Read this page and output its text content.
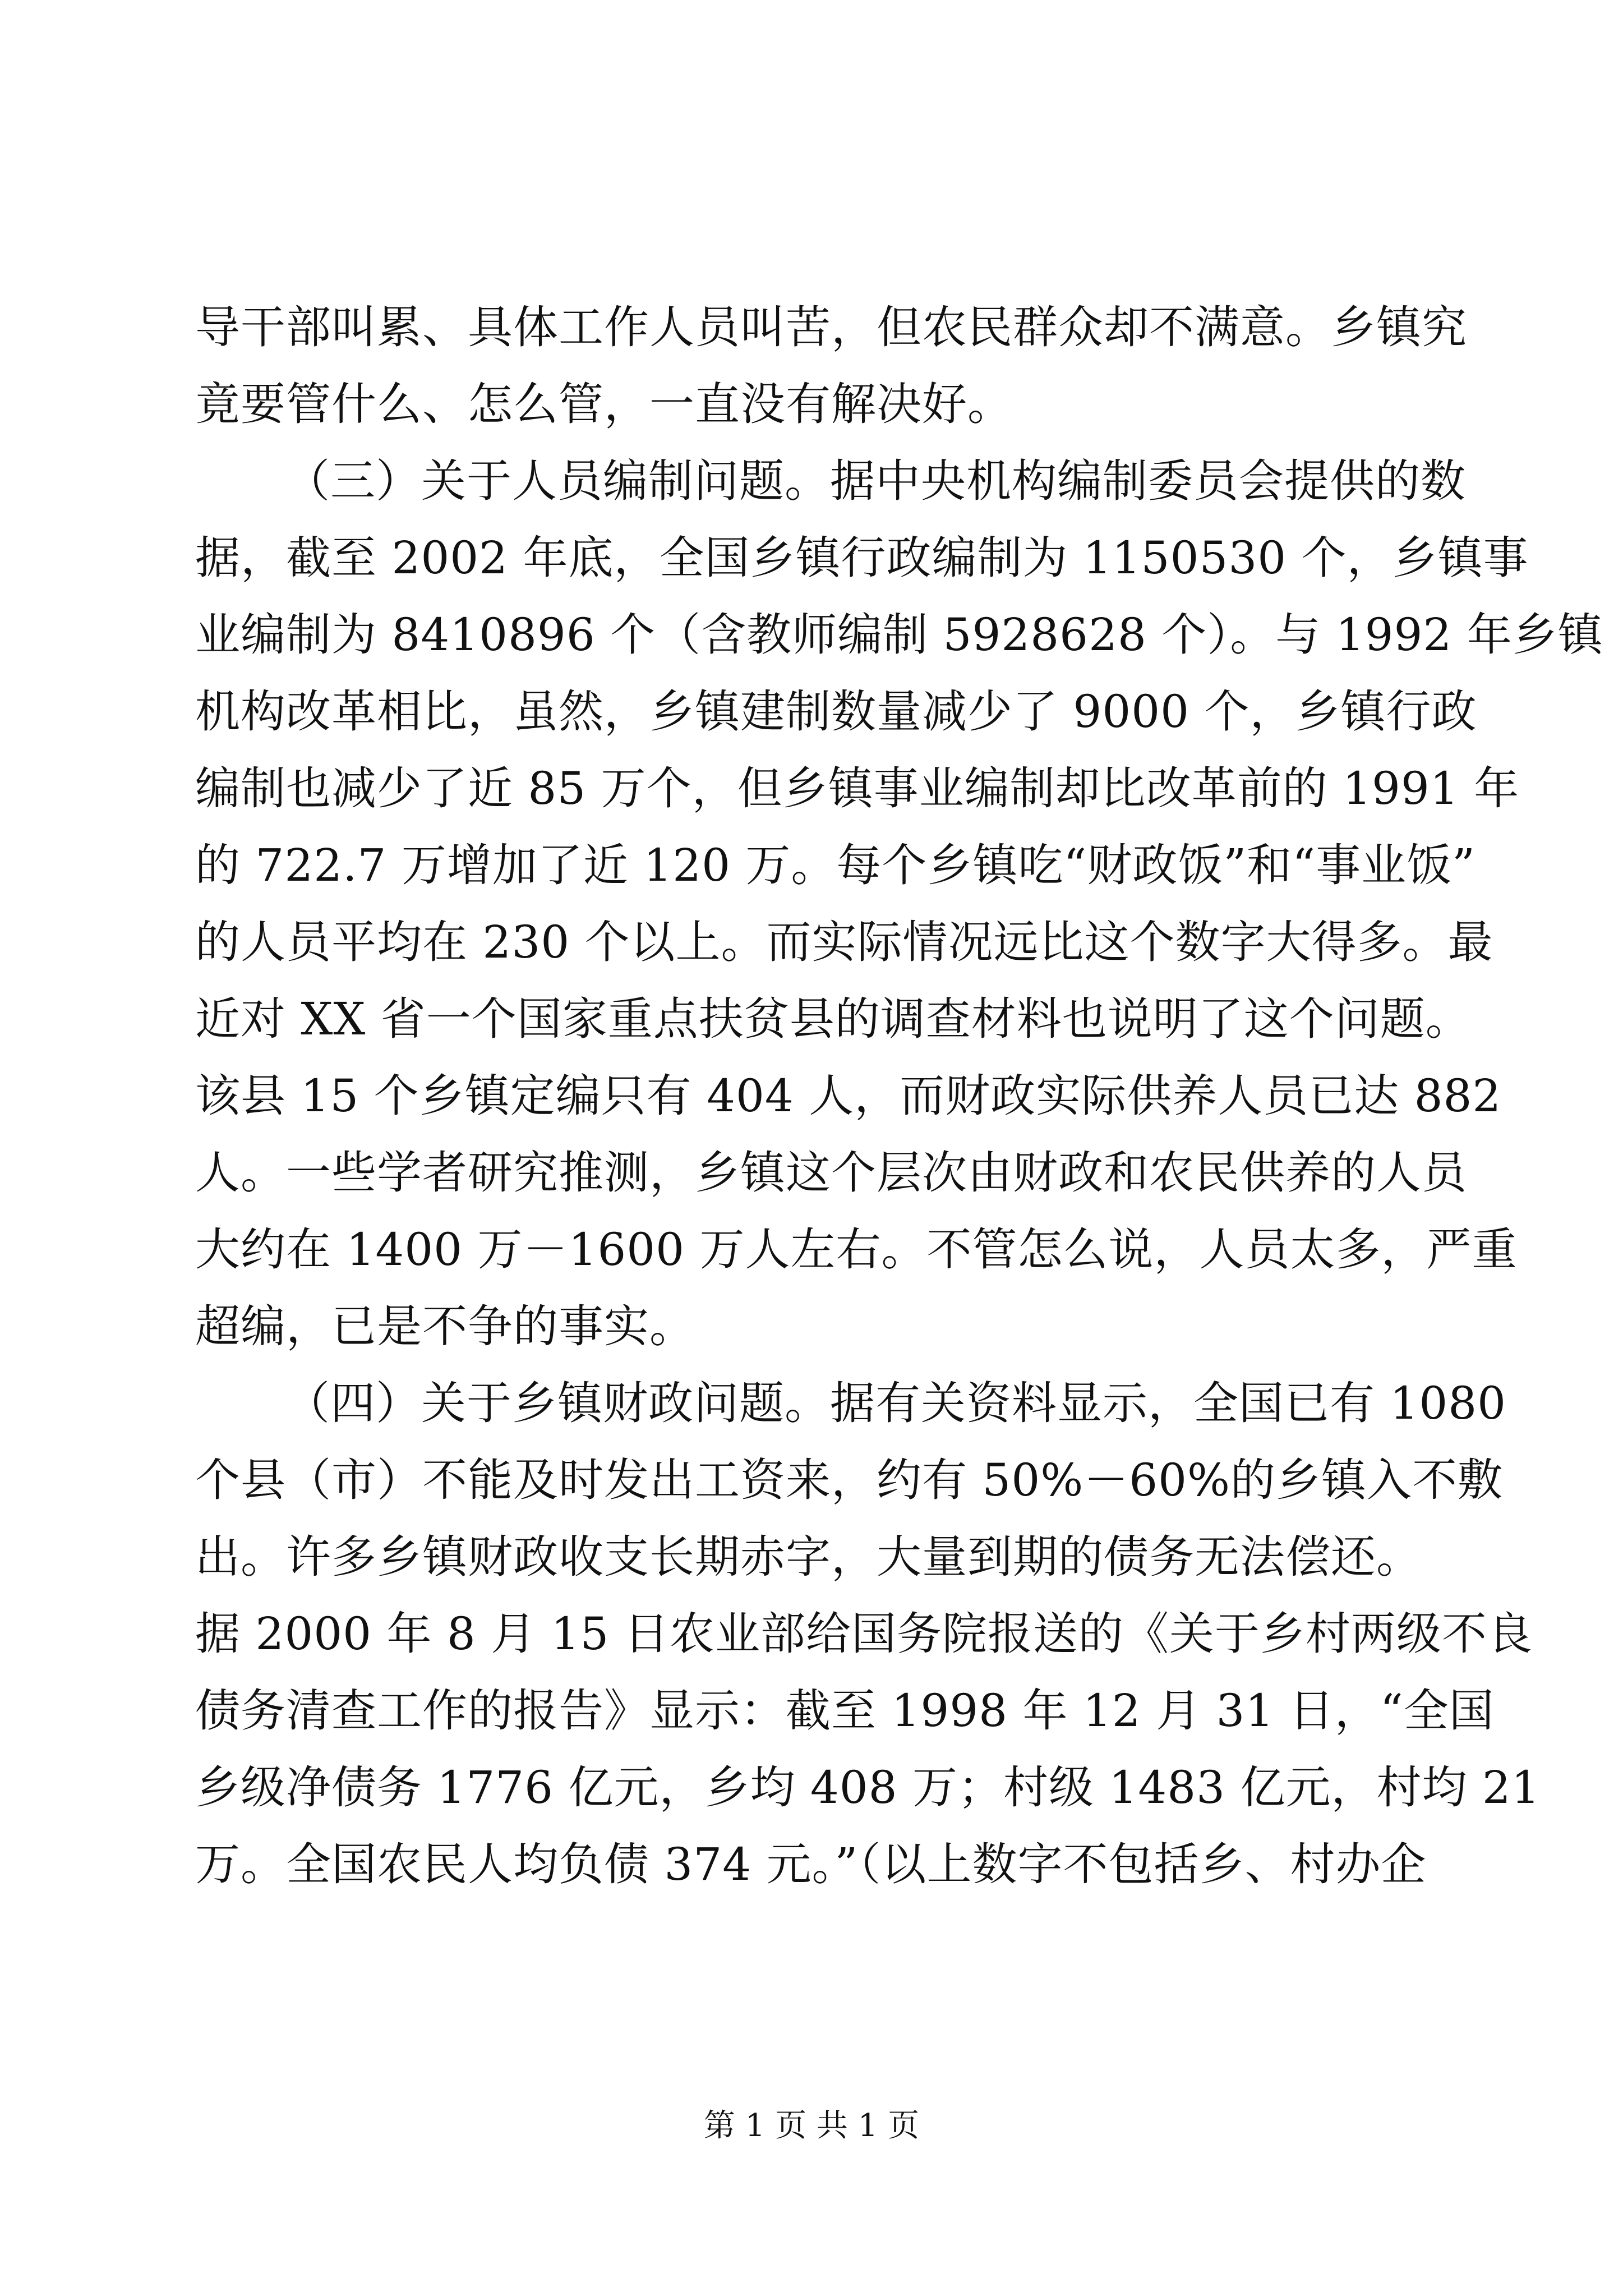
导干部叫累、具体工作人员叫苦，但农民群众却不满意。乡镇究
竟要管什么、怎么管，一直没有解决好。
（三）关于人员编制问题。据中央机构编制委员会提供的数
据，截至 2002 年底，全国乡镇行政编制为 1150530 个，乡镇事
业编制为 8410896 个（含教师编制 5928628 个）。与 1992 年乡镇
机构改革相比，虽然，乡镇建制数量减少了 9000 个，乡镇行政
编制也减少了近 85 万个，但乡镇事业编制却比改革前的 1991 年
的 722.7 万增加了近 120 万。每个乡镇吃“财政饭”和“事业饭”
的人员平均在 230 个以上。而实际情况远比这个数字大得多。最
近对 XX 省一个国家重点扶贫县的调查材料也说明了这个问题。
该县 15 个乡镇定编只有 404 人，而财政实际供养人员已达 882
人。一些学者研究推测，乡镇这个层次由财政和农民供养的人员
大约在 1400 万－1600 万人左右。不管怎么说，人员太多，严重
超编，已是不争的事实。
（四）关于乡镇财政问题。据有关资料显示，全国已有 1080
个县（市）不能及时发出工资来，约有 50%－60%的乡镇入不敷
出。许多乡镇财政收支长期赤字，大量到期的债务无法偿还。
据 2000 年 8 月 15 日农业部给国务院报送的《关于乡村两级不良
债务清查工作的报告》显示：截至 1998 年 12 月 31 日，“全国
乡级净债务 1776 亿元，乡均 408 万；村级 1483 亿元，村均 21
万。全国农民人均负债 374 元。”（以上数字不包括乡、村办企
第 1 页 共 1 页
